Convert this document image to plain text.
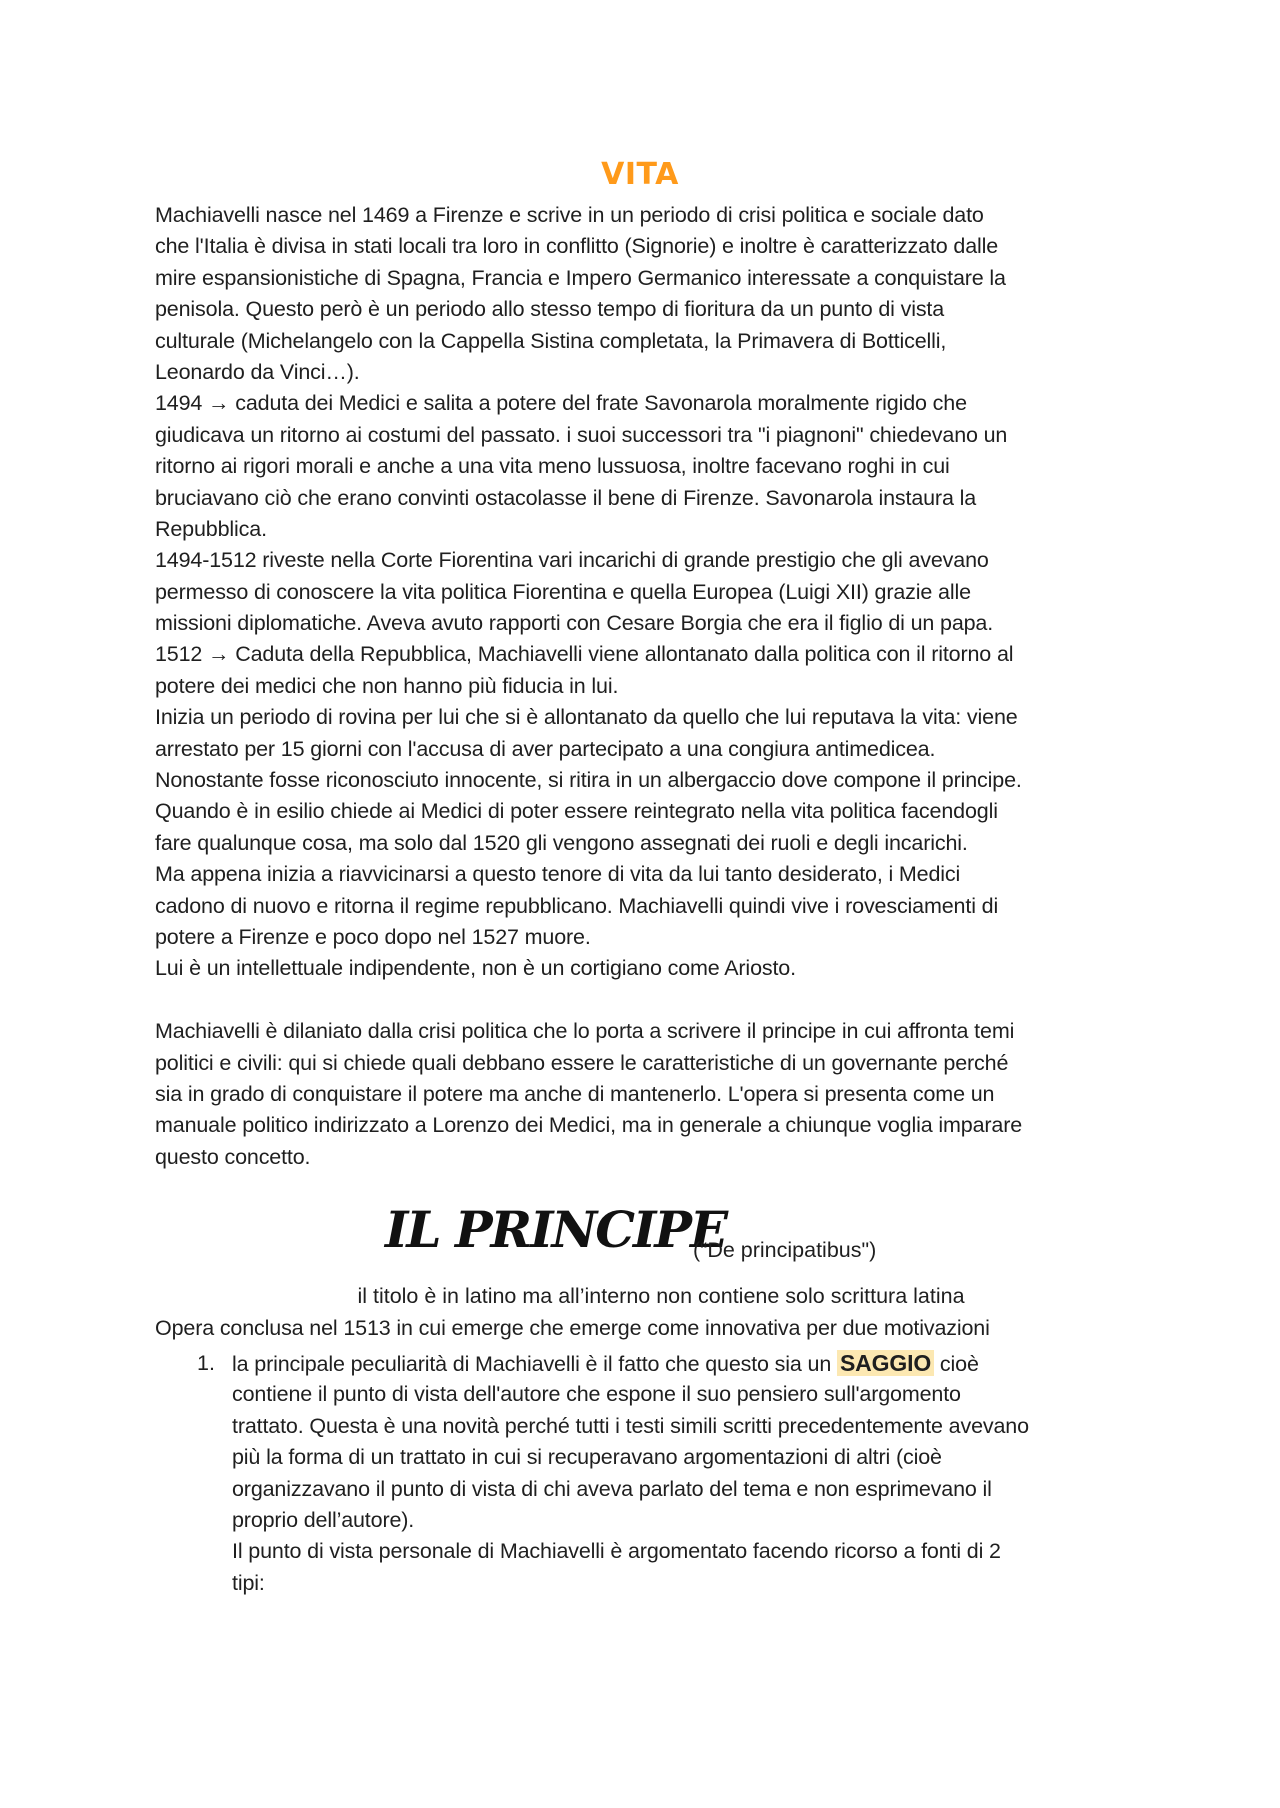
VITA
Machiavelli nasce nel 1469 a Firenze e scrive in un periodo di crisi politica e sociale dato
che l'Italia è divisa in stati locali tra loro in conflitto (Signorie) e inoltre è caratterizzato dalle
mire espansionistiche di Spagna, Francia e Impero Germanico interessate a conquistare la
penisola. Questo però è un periodo allo stesso tempo di fioritura da un punto di vista
culturale (Michelangelo con la Cappella Sistina completata, la Primavera di Botticelli,
Leonardo da Vinci…).
1494 → caduta dei Medici e salita a potere del frate Savonarola moralmente rigido che
giudicava un ritorno ai costumi del passato. i suoi successori tra "i piagnoni" chiedevano un
ritorno ai rigori morali e anche a una vita meno lussuosa, inoltre facevano roghi in cui
bruciavano ciò che erano convinti ostacolasse il bene di Firenze. Savonarola instaura la
Repubblica.
1494-1512 riveste nella Corte Fiorentina vari incarichi di grande prestigio che gli avevano
permesso di conoscere la vita politica Fiorentina e quella Europea (Luigi XII) grazie alle
missioni diplomatiche. Aveva avuto rapporti con Cesare Borgia che era il figlio di un papa.
1512 → Caduta della Repubblica, Machiavelli viene allontanato dalla politica con il ritorno al
potere dei medici che non hanno più fiducia in lui.
Inizia un periodo di rovina per lui che si è allontanato da quello che lui reputava la vita: viene
arrestato per 15 giorni con l'accusa di aver partecipato a una congiura antimedicea.
Nonostante fosse riconosciuto innocente, si ritira in un albergaccio dove compone il principe.
Quando è in esilio chiede ai Medici di poter essere reintegrato nella vita politica facendogli
fare qualunque cosa, ma solo dal 1520 gli vengono assegnati dei ruoli e degli incarichi.
Ma appena inizia a riavvicinarsi a questo tenore di vita da lui tanto desiderato, i Medici
cadono di nuovo e ritorna il regime repubblicano. Machiavelli quindi vive i rovesciamenti di
potere a Firenze e poco dopo nel 1527 muore.
Lui è un intellettuale indipendente, non è un cortigiano come Ariosto.
Machiavelli è dilaniato dalla crisi politica che lo porta a scrivere il principe in cui affronta temi
politici e civili: qui si chiede quali debbano essere le caratteristiche di un governante perché
sia in grado di conquistare il potere ma anche di mantenerlo. L'opera si presenta come un
manuale politico indirizzato a Lorenzo dei Medici, ma in generale a chiunque voglia imparare
questo concetto.
IL PRINCIPE
(“De principatibus")
il titolo è in latino ma all’interno non contiene solo scrittura latina
Opera conclusa nel 1513 in cui emerge che emerge come innovativa per due motivazioni
1. la principale peculiarità di Machiavelli è il fatto che questo sia un SAGGIO cioè
contiene il punto di vista dell'autore che espone il suo pensiero sull'argomento
trattato. Questa è una novità perché tutti i testi simili scritti precedentemente avevano
più la forma di un trattato in cui si recuperavano argomentazioni di altri (cioè
organizzavano il punto di vista di chi aveva parlato del tema e non esprimevano il
proprio dell’autore).
Il punto di vista personale di Machiavelli è argomentato facendo ricorso a fonti di 2
tipi:
